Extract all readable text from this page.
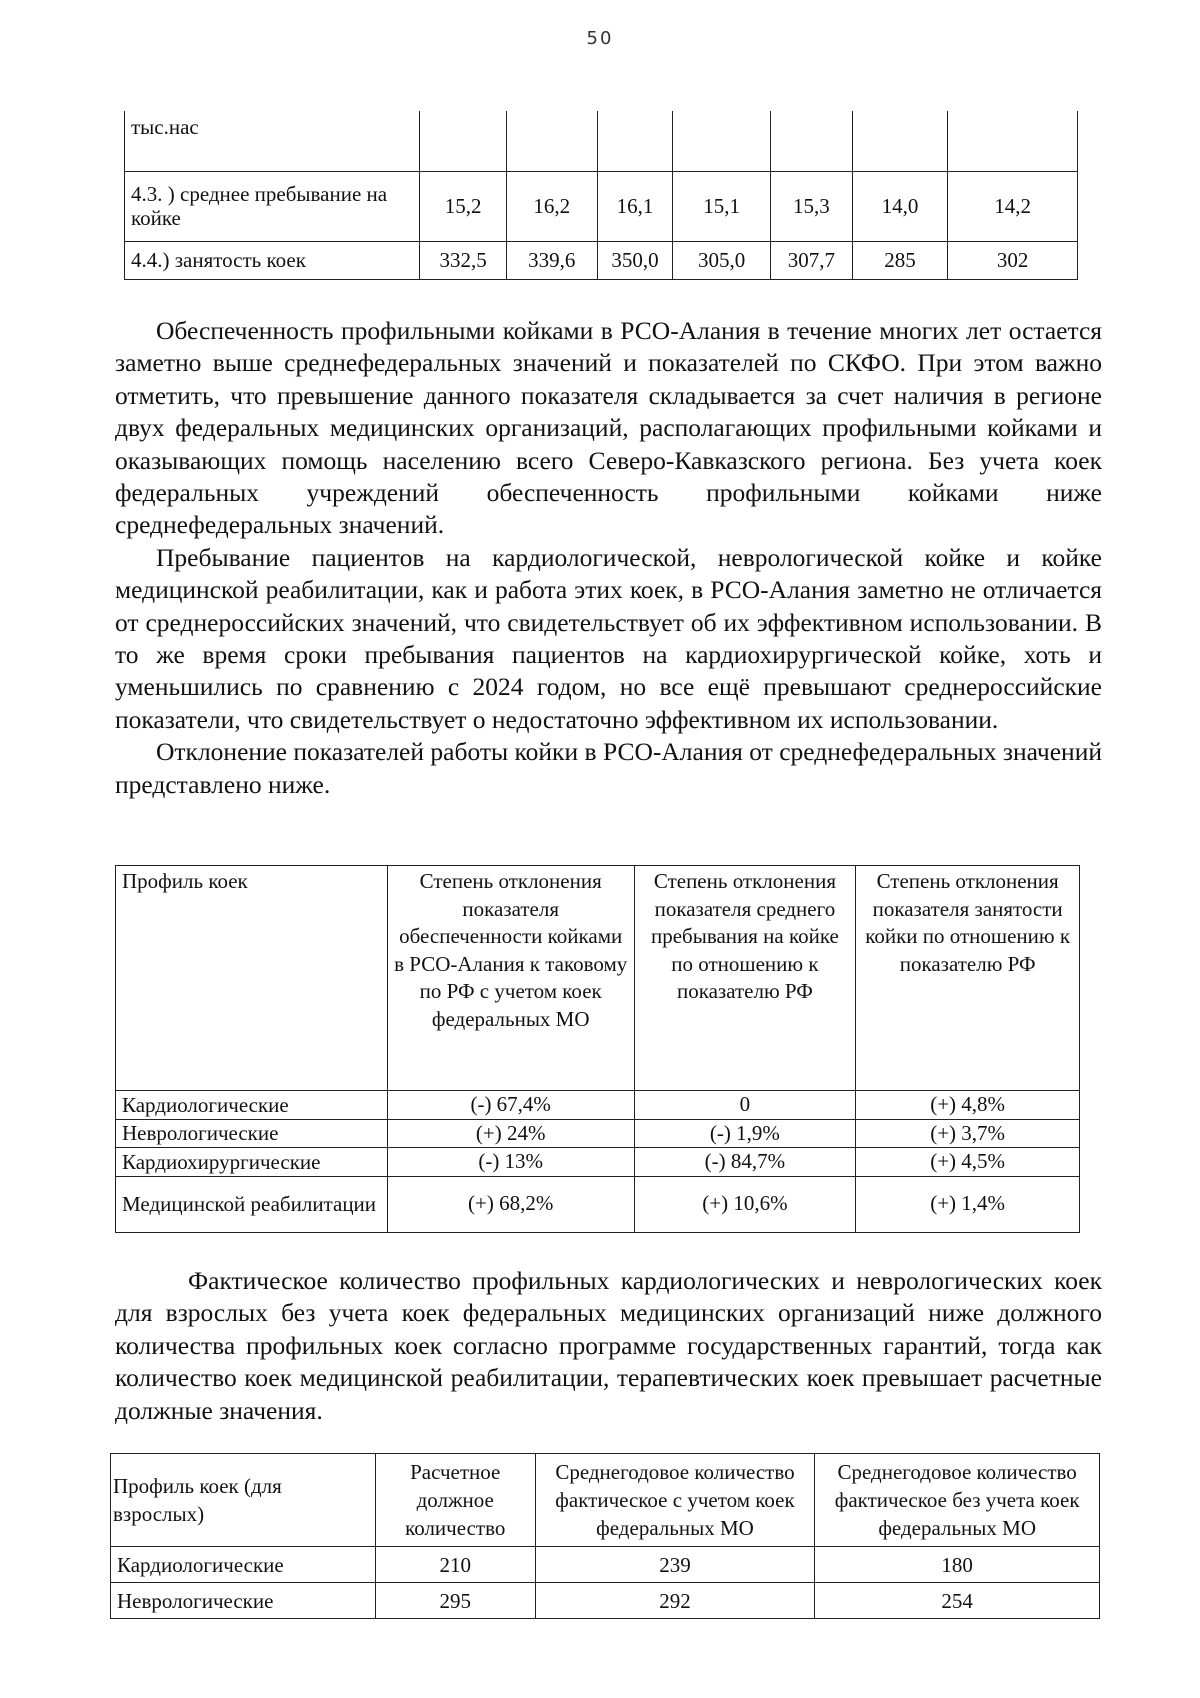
50
тыс.нас							
4.3. ) среднее пребывание на койке	15,2	16,2	16,1	15,1	15,3	14,0	14,2
4.4.) занятость коек	332,5	339,6	350,0	305,0	307,7	285	302

Обеспеченность профильными койками в РСО-Алания в течение многих лет остается заметно выше среднефедеральных значений и показателей по СКФО. При этом важно отметить, что превышение данного показателя складывается за счет наличия в регионе двух федеральных медицинских организаций, располагающих профильными койками и оказывающих помощь населению всего Северо-Кавказского региона. Без учета коек федеральных учреждений обеспеченность профильными койками ниже среднефедеральных значений.

Пребывание пациентов на кардиологической, неврологической койке и койке медицинской реабилитации, как и работа этих коек, в РСО-Алания заметно не отличается от среднероссийских значений, что свидетельствует об их эффективном использовании. В то же время сроки пребывания пациентов на кардиохирургической койке, хоть и уменьшились по сравнению с 2024 годом, но все ещё превышают среднероссийские показатели, что свидетельствует о недостаточно эффективном их использовании.

Отклонение показателей работы койки в РСО-Алания от среднефедеральных значений представлено ниже.

Профиль коек	Степень отклонения показателя обеспеченности койками в РСО-Алания к таковому по РФ с учетом коек федеральных МО	Степень отклонения показателя среднего пребывания на койке по отношению к показателю РФ	Степень отклонения показателя занятости койки по отношению к показателю РФ
Кардиологические	(-) 67,4%	0	(+) 4,8%
Неврологические	(+) 24%	(-) 1,9%	(+) 3,7%
Кардиохирургические	(-) 13%	(-) 84,7%	(+) 4,5%
Медицинской реабилитации	(+) 68,2%	(+) 10,6%	(+) 1,4%

Фактическое количество профильных кардиологических и неврологических коек для взрослых без учета коек федеральных медицинских организаций ниже должного количества профильных коек согласно программе государственных гарантий, тогда как количество коек медицинской реабилитации, терапевтических коек превышает расчетные должные значения.

Профиль коек (для взрослых)	Расчетное должное количество	Среднегодовое количество фактическое с учетом коек федеральных МО	Среднегодовое количество фактическое без учета коек федеральных МО
Кардиологические	210	239	180
Неврологические	295	292	254
